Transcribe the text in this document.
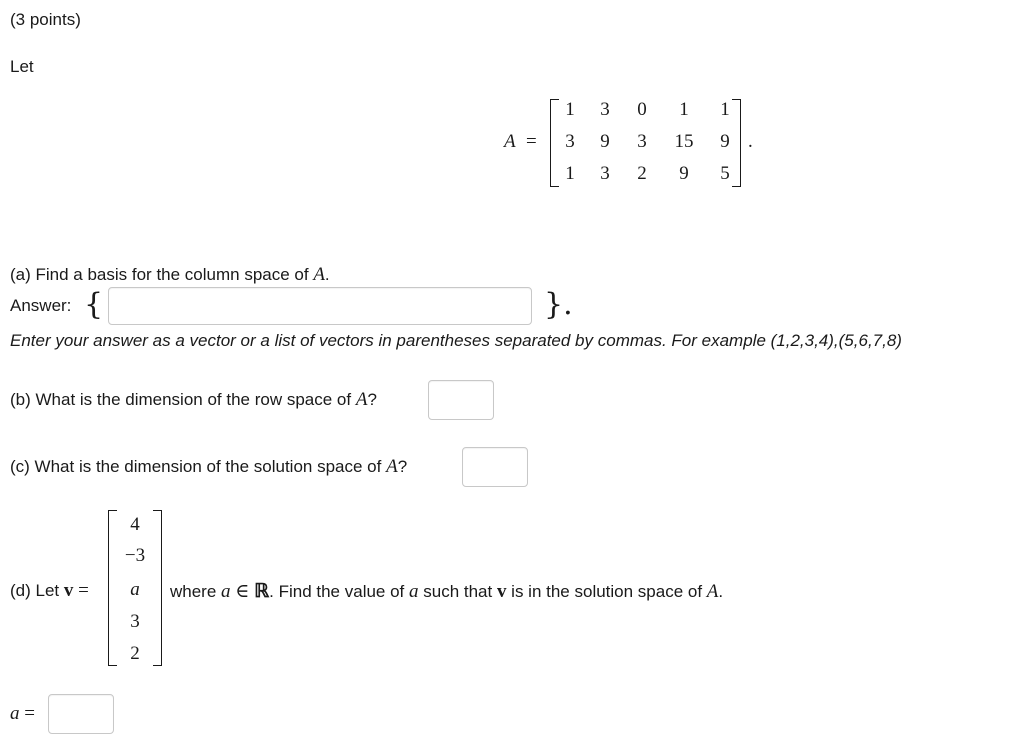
(3 points)
Let
A =
1	3	0	1	1
3	9	3	15	9
1	3	2	9	5
.
(a) Find a basis for the column space of A.
Answer: {	}.
Enter your answer as a vector or a list of vectors in parentheses separated by commas. For example (1,2,3,4),(5,6,7,8)
(b) What is the dimension of the row space of A?
(c) What is the dimension of the solution space of A?
(d) Let v =
4
−3
a
3
2
where a ∈ ℝ. Find the value of a such that v is in the solution space of A.
a =
